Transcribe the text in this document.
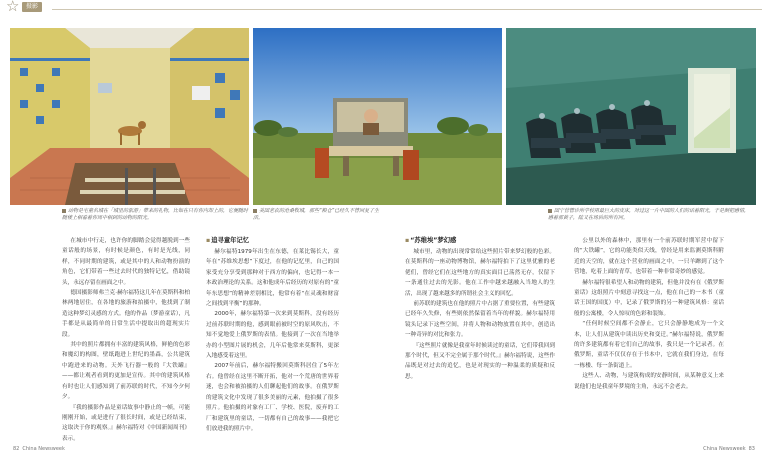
☆	摄影
动物是宅童名城在「城里的旅游」带来的礼物，比如在只有你内却上的，它便随时随楼上相看着你周中相到的动物的阳光。
美国老农的沧桑牧城，那些“粮仓”已经久不曾回复了生活。
国宁营管诊所学校用最巨大的皮床，对过这一片中国的人们的话着阳光，于是倒把感情，感着那黄子，陆又在场后的所有同。

在城市中行走，也许你的脚踏会觉得越脱到一些童话般的场景，有时候是颜色，有时是光线，同样，不同时期的建筑，或是其中的人和动物扮演的角色，它们带着一些过去时代的独特记忆，借助镜头，永远存留在画面之中。

德国摄影师弗兰克·赫尔福特这几年在莫斯科和柏林两地居住，在各地的旅游和拍摄中，他找到了制造这种梦幻灵感的方式。他的作品（梦游童话），凡手都是从最简单的日常生活中提取出的超现实片段。

其中的照片都拥有丰富的建筑风格，鲜艳的色彩和魔幻的构图，壁纸跑进上世纪的墨森，公共建筑中跑进来的动物。天外飞行器一般的『大铁罐』——都让观者看到的更加是宣传。其中的建筑风格有时也让人们感知到了前苏联的时代，不知今夕何夕。

『我的摄影作品是童话故事中静止的一帧，可能刚刚开始，或是进行了很长时间，或是已经结束，这取决于你的观察。』赫尔福特对《中国新闻周刊》表示。

▪追寻童年记忆

赫尔福特1979年出生在东德，在莱比锡长大，童年在“苏维埃思想”下度过，在他的记忆里，自己的国家受充分享受到那种对于西方的偏向，也记得一本一本政治理论的关系。这和他成年后经历的对原有的“童年东思想”的精神差别相比，他常有着“在灵魂和财富之间找到平衡”的那种。

2000年，赫尔福特第一次来到莫斯科，没有经历过前苏联时期的他，感到眼前被时空的原风吹击，不知不觉地爱上俄罗斯的表情。他接到了一次在当地举办的小型图片展的机会，几年后他常来莫斯科，更深入地感受着这里。

2007年前后，赫尔福特搬回莫斯科居住了5年左右。他曾经在这里不断开拓，他对一个荒唐的世界着迷，也会和被拍摄的人们聊起他们的故事。在俄罗斯的建筑文化中发现了很多美丽的元素，他拍摄了很多照片。他拍摄的对象有工厂、学校、医院，废弃的工厂和建筑里的童话，一切都有自己的故事——我把它们放进我的照片中。

▪“苏维埃”梦幻感

城市里，动物的出现常常给这些照片带来梦幻般的色彩。在莫斯科的一座动物博物馆，赫尔福特拍下了这里优雅的老佬们，曾经它们在这些地方的真实面目已荡然无存，仅留下一条通往过去的光影。他在工作中越来越融入当地人的生活，出现了越来越多的所谓社会主义的回忆。

前苏联的建筑也在他的照片中占据了重要位置，有些建筑已经年久失修，有些则依然保留着当年的样貌。赫尔福特用镜头记录下这些空间，并将人物和动物放置在其中，创造出一种奇异的对比和张力。

『这些照片就像是我童年时候读过的童话，它们带我回到那个时代，但又不完全属于那个时代。』赫尔福特说，这些作品既是对过去的追忆，也是对现实的一种温柔的质疑和反思。

公里以外的森林中，那里有一个前苏联时期军营中留下的“大铁罐”，它的功能类似天线，曾经是用来监测莫斯科附近的天空的，就在这个营业的画面之中，一只羊蹿到了这个营地，吃着上面的青草，也带着一种非常奇妙的感觉。

赫尔福特很希望人和动物的建筑，但他并没有在《俄罗斯童话》这组照片中刻意寻找这一点，他在自己的一本书（童话王国的国度）中，记录了俄罗斯的另一种建筑风格：童话般的公寓楼，令人惊叹的色彩和装饰。

“任何时候空间都不会静止，它只会静静地成为一个文本，让人们从建筑中读出历史和变迁。”赫尔福特说，俄罗斯的许多建筑都有着它们自己的故事，我只是一个记录者。在俄罗斯，童话不仅仅存在于书本中，它就在我们身边，在每一栋楼、每一条街道上。

这些人、动物，与建筑构成的安静时间，从某种意义上来说他们也是我童年梦境的主角，永远不会老去。

82 China Newsweek	China Newsweek 83
